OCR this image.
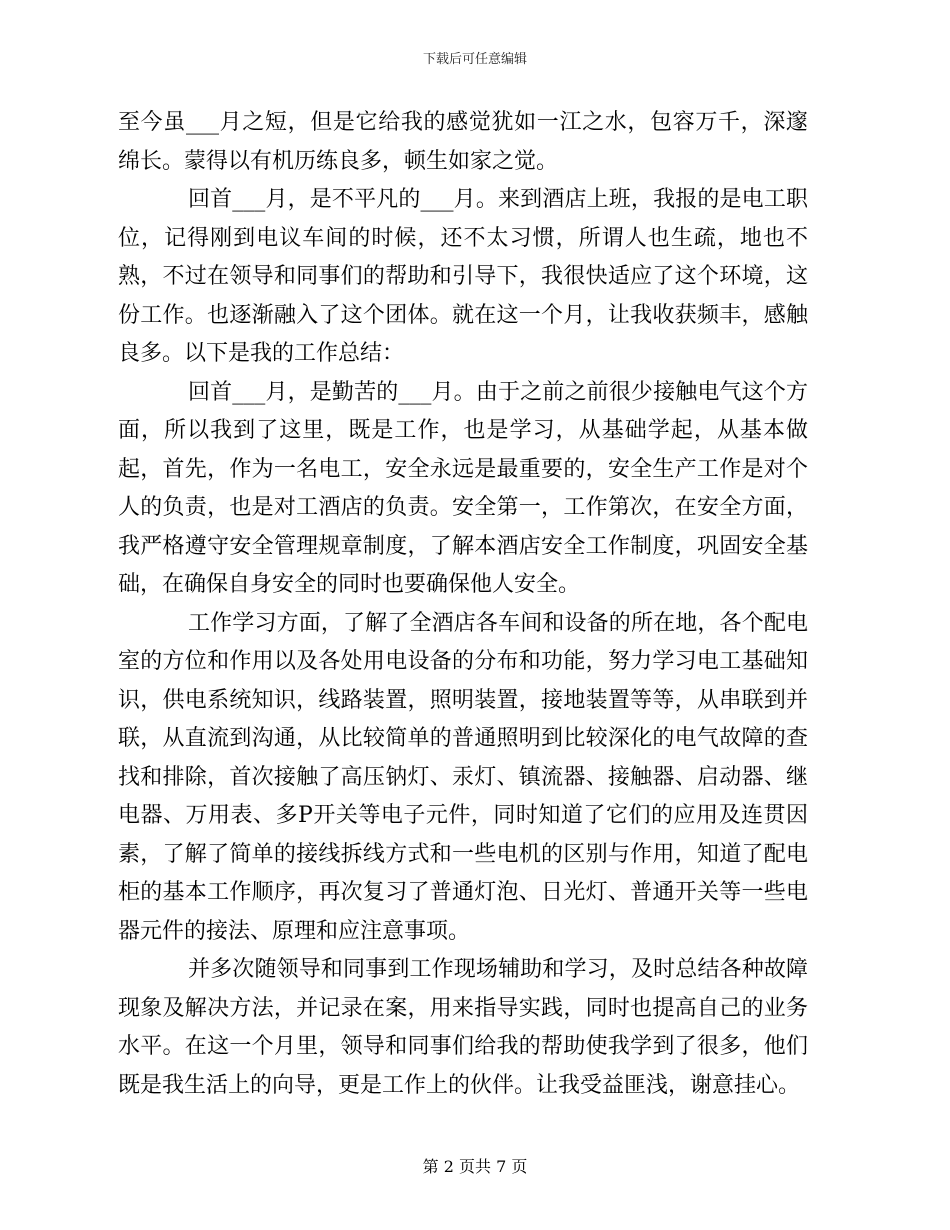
下载后可任意编辑

至今虽___月之短，但是它给我的感觉犹如一江之水，包容万千，深邃绵长。蒙得以有机历练良多，顿生如家之觉。

回首___月，是不平凡的___月。来到酒店上班，我报的是电工职位，记得刚到电议车间的时候，还不太习惯，所谓人也生疏，地也不熟，不过在领导和同事们的帮助和引导下，我很快适应了这个环境，这份工作。也逐渐融入了这个团体。就在这一个月，让我收获频丰，感触良多。以下是我的工作总结：

回首___月，是勤苦的___月。由于之前之前很少接触电气这个方面，所以我到了这里，既是工作，也是学习，从基础学起，从基本做起，首先，作为一名电工，安全永远是最重要的，安全生产工作是对个人的负责，也是对工酒店的负责。安全第一，工作第次，在安全方面，我严格遵守安全管理规章制度，了解本酒店安全工作制度，巩固安全基础，在确保自身安全的同时也要确保他人安全。

工作学习方面，了解了全酒店各车间和设备的所在地，各个配电室的方位和作用以及各处用电设备的分布和功能，努力学习电工基础知识，供电系统知识，线路装置，照明装置，接地装置等等，从串联到并联，从直流到沟通，从比较简单的普通照明到比较深化的电气故障的查找和排除，首次接触了高压钠灯、汞灯、镇流器、接触器、启动器、继电器、万用表、多P开关等电子元件，同时知道了它们的应用及连贯因素，了解了简单的接线拆线方式和一些电机的区别与作用，知道了配电柜的基本工作顺序，再次复习了普通灯泡、日光灯、普通开关等一些电器元件的接法、原理和应注意事项。

并多次随领导和同事到工作现场辅助和学习，及时总结各种故障现象及解决方法，并记录在案，用来指导实践，同时也提高自己的业务水平。在这一个月里，领导和同事们给我的帮助使我学到了很多，他们既是我生活上的向导，更是工作上的伙伴。让我受益匪浅，谢意挂心。

第 2 页共 7 页
